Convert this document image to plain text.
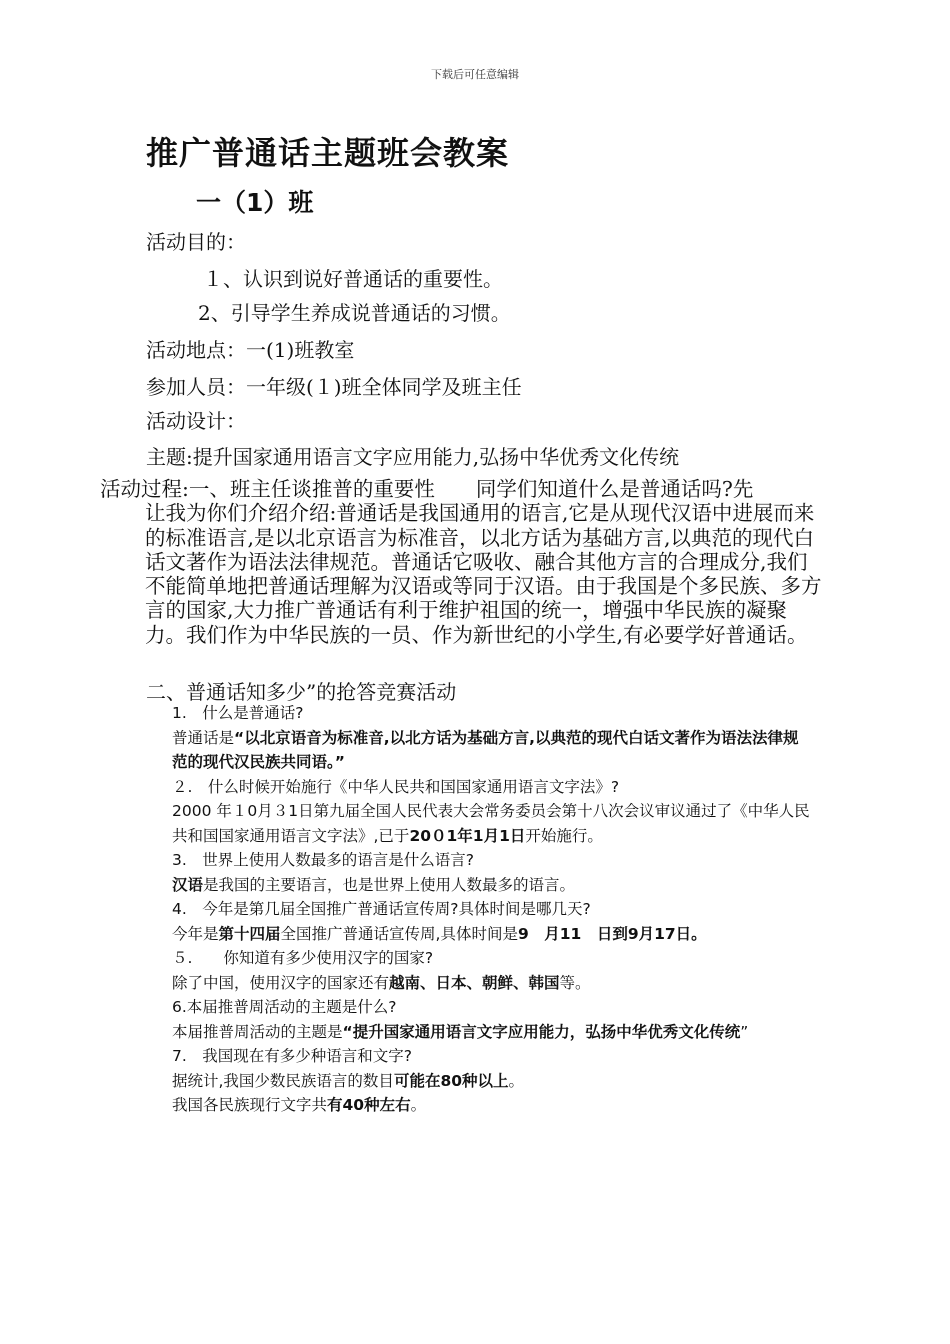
下载后可任意编辑
推广普通话主题班会教案
一（1）班
活动目的：
１、认识到说好普通话的重要性。
2、引导学生养成说普通话的习惯。
活动地点：一(1)班教室
参加人员：一年级(１)班全体同学及班主任
活动设计：
主题:提升国家通用语言文字应用能力,弘扬中华优秀文化传统
活动过程:一、班主任谈推普的重要性　　同学们知道什么是普通话吗?先
让我为你们介绍介绍:普通话是我国通用的语言,它是从现代汉语中进展而来的标准语言,是以北京语言为标准音，以北方话为基础方言,以典范的现代白话文著作为语法法律规范。普通话它吸收、融合其他方言的合理成分,我们不能简单地把普通话理解为汉语或等同于汉语。由于我国是个多民族、多方言的国家,大力推广普通话有利于维护祖国的统一，增强中华民族的凝聚力。我们作为中华民族的一员、作为新世纪的小学生,有必要学好普通话。
二、普通话知多少”的抢答竞赛活动
1.　什么是普通话?
普通话是“以北京语音为标准音,以北方话为基础方言,以典范的现代白话文著作为语法法律规范的现代汉民族共同语。”
２.　什么时候开始施行《中华人民共和国国家通用语言文字法》?
2000 年１0月３1日第九届全国人民代表大会常务委员会第十八次会议审议通过了《中华人民共和国国家通用语言文字法》,已于20０1年1月1日开始施行。
3.　世界上使用人数最多的语言是什么语言?
汉语是我国的主要语言，也是世界上使用人数最多的语言。
4.　今年是第几届全国推广普通话宣传周?具体时间是哪几天?
今年是第十四届全国推广普通话宣传周,具体时间是9　月11　日到9月17日。
５.　　你知道有多少使用汉字的国家?
除了中国，使用汉字的国家还有越南、日本、朝鲜、韩国等。
6.本届推普周活动的主题是什么?
本届推普周活动的主题是“提升国家通用语言文字应用能力，弘扬中华优秀文化传统”
7.　我国现在有多少种语言和文字?
据统计,我国少数民族语言的数目可能在80种以上。
我国各民族现行文字共有40种左右。
